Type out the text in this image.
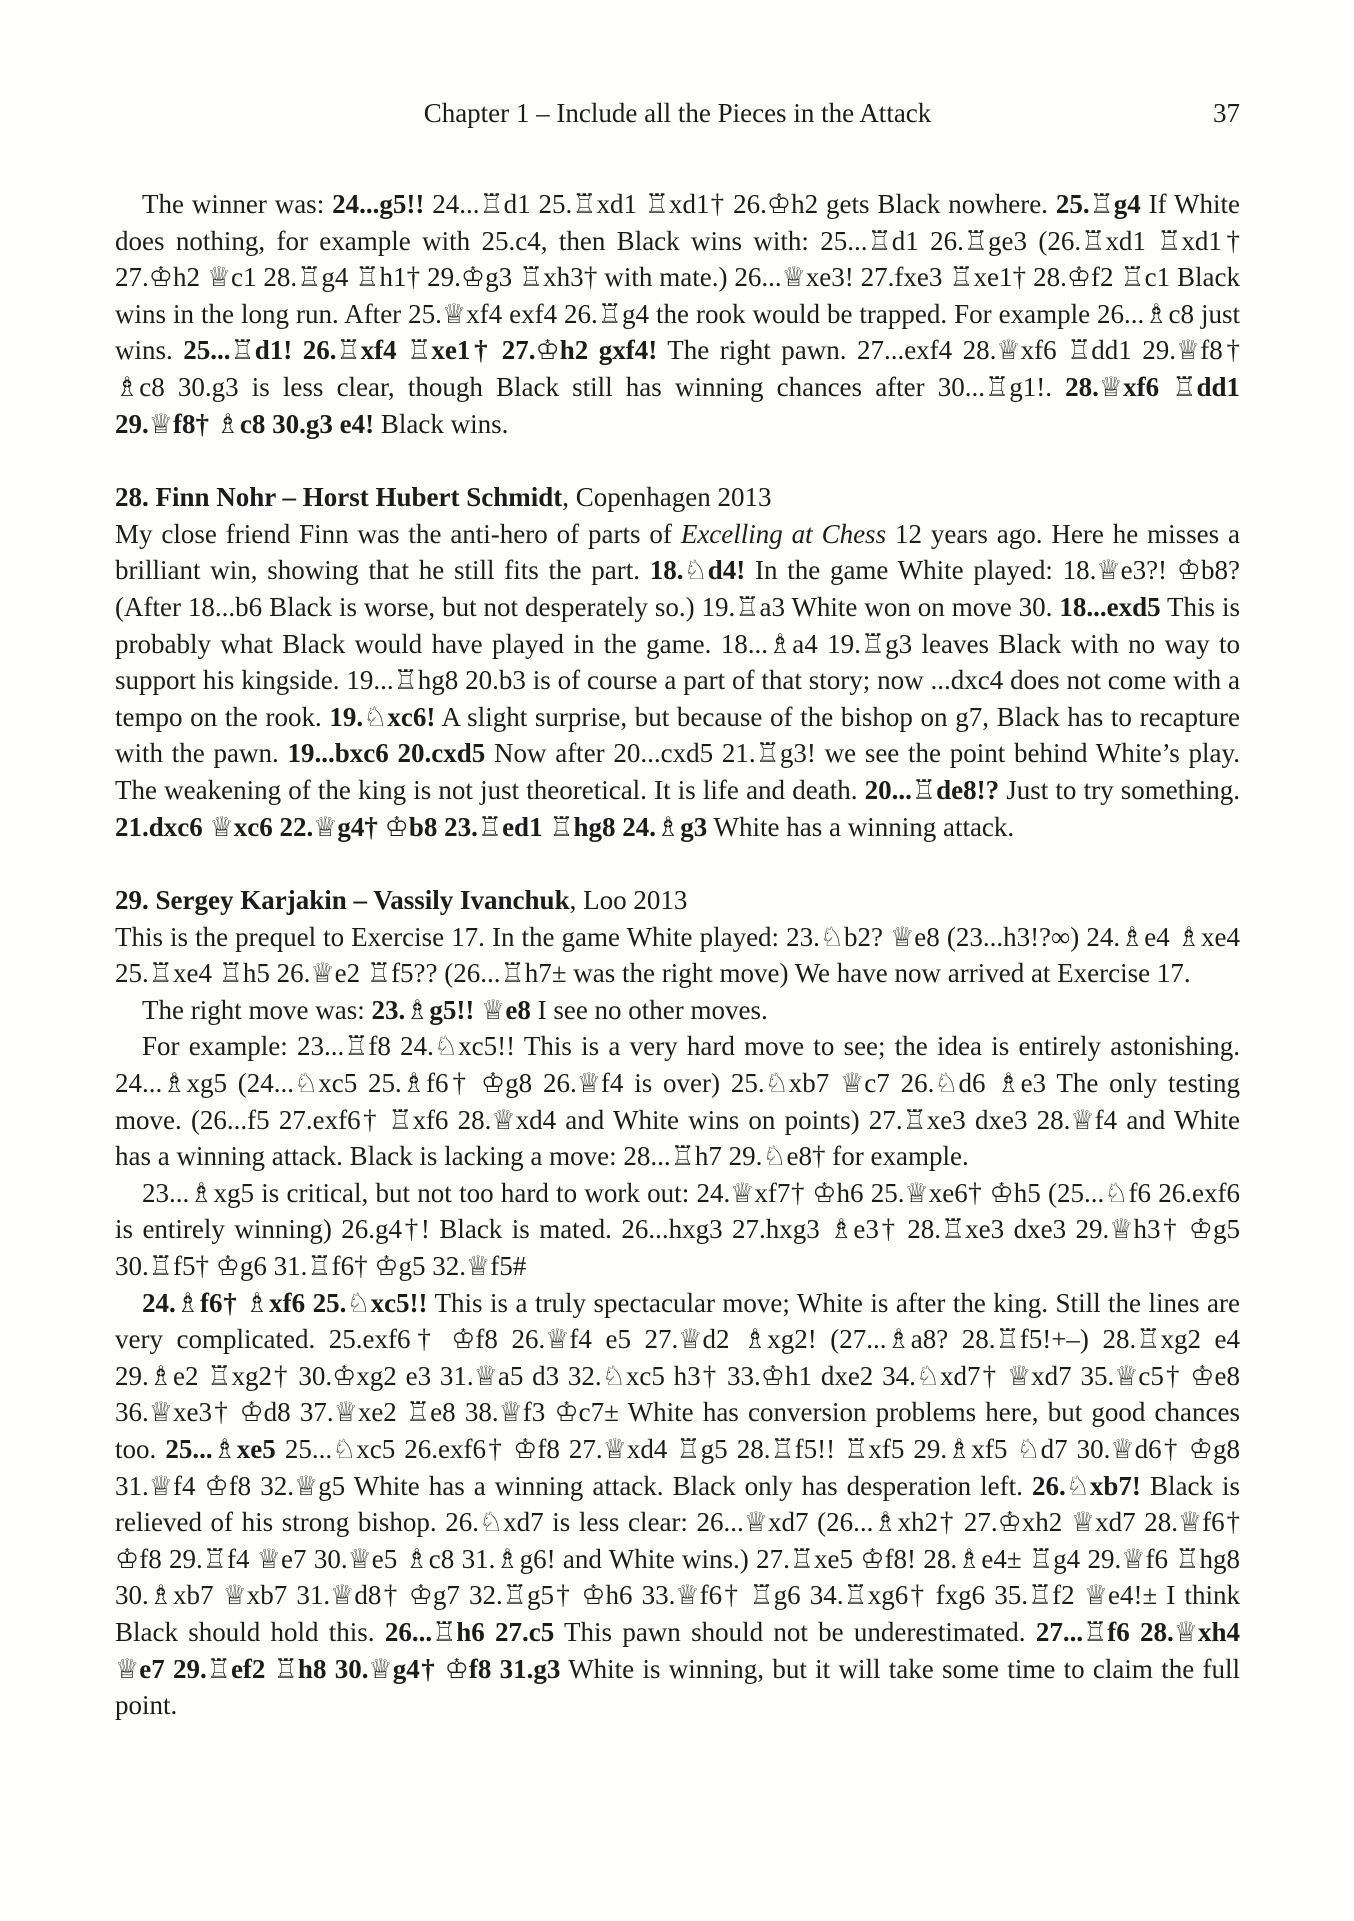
Chapter 1 – Include all the Pieces in the Attack	37

The winner was: 24...g5!! 24...♖d1 25.♖xd1 ♖xd1† 26.♔h2 gets Black nowhere. 25.♖g4 If White does nothing, for example with 25.c4, then Black wins with: 25...♖d1 26.♖ge3 (26.♖xd1 ♖xd1† 27.♔h2 ♕c1 28.♖g4 ♖h1† 29.♔g3 ♖xh3† with mate.) 26...♕xe3! 27.fxe3 ♖xe1† 28.♔f2 ♖c1 Black wins in the long run. After 25.♕xf4 exf4 26.♖g4 the rook would be trapped. For example 26...♗c8 just wins. 25...♖d1! 26.♖xf4 ♖xe1† 27.♔h2 gxf4! The right pawn. 27...exf4 28.♕xf6 ♖dd1 29.♕f8† ♗c8 30.g3 is less clear, though Black still has winning chances after 30...♖g1!. 28.♕xf6 ♖dd1 29.♕f8† ♗c8 30.g3 e4! Black wins.

28. Finn Nohr – Horst Hubert Schmidt, Copenhagen 2013

My close friend Finn was the anti-hero of parts of Excelling at Chess 12 years ago. Here he misses a brilliant win, showing that he still fits the part. 18.♘d4! In the game White played: 18.♕e3?! ♔b8? (After 18...b6 Black is worse, but not desperately so.) 19.♖a3 White won on move 30. 18...exd5 This is probably what Black would have played in the game. 18...♗a4 19.♖g3 leaves Black with no way to support his kingside. 19...♖hg8 20.b3 is of course a part of that story; now ...dxc4 does not come with a tempo on the rook. 19.♘xc6! A slight surprise, but because of the bishop on g7, Black has to recapture with the pawn. 19...bxc6 20.cxd5 Now after 20...cxd5 21.♖g3! we see the point behind White’s play. The weakening of the king is not just theoretical. It is life and death. 20...♖de8!? Just to try something. 21.dxc6 ♕xc6 22.♕g4† ♔b8 23.♖ed1 ♖hg8 24.♗g3 White has a winning attack.

29. Sergey Karjakin – Vassily Ivanchuk, Loo 2013

This is the prequel to Exercise 17. In the game White played: 23.♘b2? ♕e8 (23...h3!?∞) 24.♗e4 ♗xe4 25.♖xe4 ♖h5 26.♕e2 ♖f5?? (26...♖h7± was the right move) We have now arrived at Exercise 17.

The right move was: 23.♗g5!! ♕e8 I see no other moves.

For example: 23...♖f8 24.♘xc5!! This is a very hard move to see; the idea is entirely astonishing. 24...♗xg5 (24...♘xc5 25.♗f6† ♔g8 26.♕f4 is over) 25.♘xb7 ♕c7 26.♘d6 ♗e3 The only testing move. (26...f5 27.exf6† ♖xf6 28.♕xd4 and White wins on points) 27.♖xe3 dxe3 28.♕f4 and White has a winning attack. Black is lacking a move: 28...♖h7 29.♘e8† for example.

23...♗xg5 is critical, but not too hard to work out: 24.♕xf7† ♔h6 25.♕xe6† ♔h5 (25...♘f6 26.exf6 is entirely winning) 26.g4†! Black is mated. 26...hxg3 27.hxg3 ♗e3† 28.♖xe3 dxe3 29.♕h3† ♔g5 30.♖f5† ♔g6 31.♖f6† ♔g5 32.♕f5#

24.♗f6† ♗xf6 25.♘xc5!! This is a truly spectacular move; White is after the king. Still the lines are very complicated. 25.exf6† ♔f8 26.♕f4 e5 27.♕d2 ♗xg2! (27...♗a8? 28.♖f5!+–) 28.♖xg2 e4 29.♗e2 ♖xg2† 30.♔xg2 e3 31.♕a5 d3 32.♘xc5 h3† 33.♔h1 dxe2 34.♘xd7† ♕xd7 35.♕c5† ♔e8 36.♕xe3† ♔d8 37.♕xe2 ♖e8 38.♕f3 ♔c7± White has conversion problems here, but good chances too. 25...♗xe5 25...♘xc5 26.exf6† ♔f8 27.♕xd4 ♖g5 28.♖f5!! ♖xf5 29.♗xf5 ♘d7 30.♕d6† ♔g8 31.♕f4 ♔f8 32.♕g5 White has a winning attack. Black only has desperation left. 26.♘xb7! Black is relieved of his strong bishop. 26.♘xd7 is less clear: 26...♕xd7 (26...♗xh2† 27.♔xh2 ♕xd7 28.♕f6† ♔f8 29.♖f4 ♕e7 30.♕e5 ♗c8 31.♗g6! and White wins.) 27.♖xe5 ♔f8! 28.♗e4± ♖g4 29.♕f6 ♖hg8 30.♗xb7 ♕xb7 31.♕d8† ♔g7 32.♖g5† ♔h6 33.♕f6† ♖g6 34.♖xg6† fxg6 35.♖f2 ♕e4!± I think Black should hold this. 26...♖h6 27.c5 This pawn should not be underestimated. 27...♖f6 28.♕xh4 ♕e7 29.♖ef2 ♖h8 30.♕g4† ♔f8 31.g3 White is winning, but it will take some time to claim the full point.
